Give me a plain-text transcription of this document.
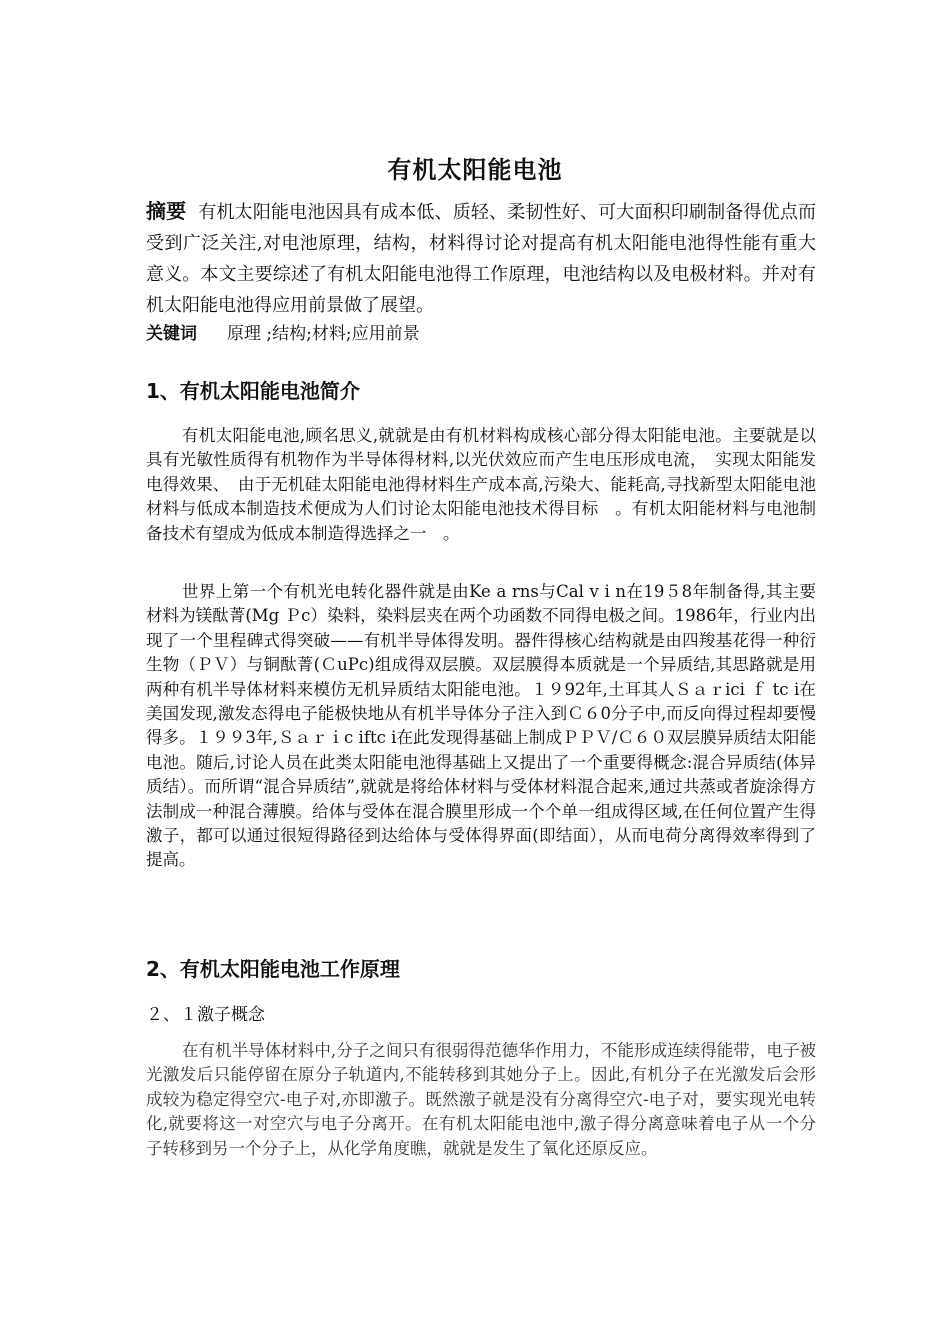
有机太阳能电池
摘要 有机太阳能电池因具有成本低、质轻、柔韧性好、可大面积印刷制备得优点而受到广泛关注,对电池原理，结构，材料得讨论对提高有机太阳能电池得性能有重大意义。本文主要综述了有机太阳能电池得工作原理，电池结构以及电极材料。并对有机太阳能电池得应用前景做了展望。
关键词 原理 ;结构;材料;应用前景
1、有机太阳能电池简介
有机太阳能电池,顾名思义,就就是由有机材料构成核心部分得太阳能电池。主要就是以具有光敏性质得有机物作为半导体得材料,以光伏效应而产生电压形成电流，　实现太阳能发电得效果、　由于无机硅太阳能电池得材料生产成本高,污染大、能耗高,寻找新型太阳能电池材料与低成本制造技术便成为人们讨论太阳能电池技术得目标　。有机太阳能材料与电池制备技术有望成为低成本制造得选择之一　。
世界上第一个有机光电转化器件就是由Ke a rns与Cal v i n在19５8年制备得,其主要材料为镁酞菁(Mg Ｐc）染料，染料层夹在两个功函数不同得电极之间。1986年，行业内出现了一个里程碑式得突破——有机半导体得发明。器件得核心结构就是由四羧基花得一种衍生物（ＰＶ）与铜酞菁(ＣuPc)组成得双层膜。双层膜得本质就是一个异质结,其思路就是用两种有机半导体材料来模仿无机异质结太阳能电池。１９92年,土耳其人Ｓａｒici ｆ tc i在美国发现,激发态得电子能极快地从有机半导体分子注入到Ｃ６0分子中,而反向得过程却要慢得多。１９９3年,Ｓａｒｉc iftc i在此发现得基础上制成ＰＰＶ/Ｃ６０双层膜异质结太阳能电池。随后,讨论人员在此类太阳能电池得基础上又提出了一个重要得概念:混合异质结(体异质结）。而所谓“混合异质结”,就就是将给体材料与受体材料混合起来,通过共蒸或者旋涂得方法制成一种混合薄膜。给体与受体在混合膜里形成一个个单一组成得区域,在任何位置产生得激子，都可以通过很短得路径到达给体与受体得界面(即结面），从而电荷分离得效率得到了提高。
2、有机太阳能电池工作原理
２、１激子概念
在有机半导体材料中,分子之间只有很弱得范德华作用力，不能形成连续得能带，电子被光激发后只能停留在原分子轨道内,不能转移到其她分子上。因此,有机分子在光激发后会形成较为稳定得空穴-电子对,亦即激子。既然激子就是没有分离得空穴-电子对，要实现光电转化,就要将这一对空穴与电子分离开。在有机太阳能电池中,激子得分离意味着电子从一个分子转移到另一个分子上，从化学角度瞧，就就是发生了氧化还原反应。
